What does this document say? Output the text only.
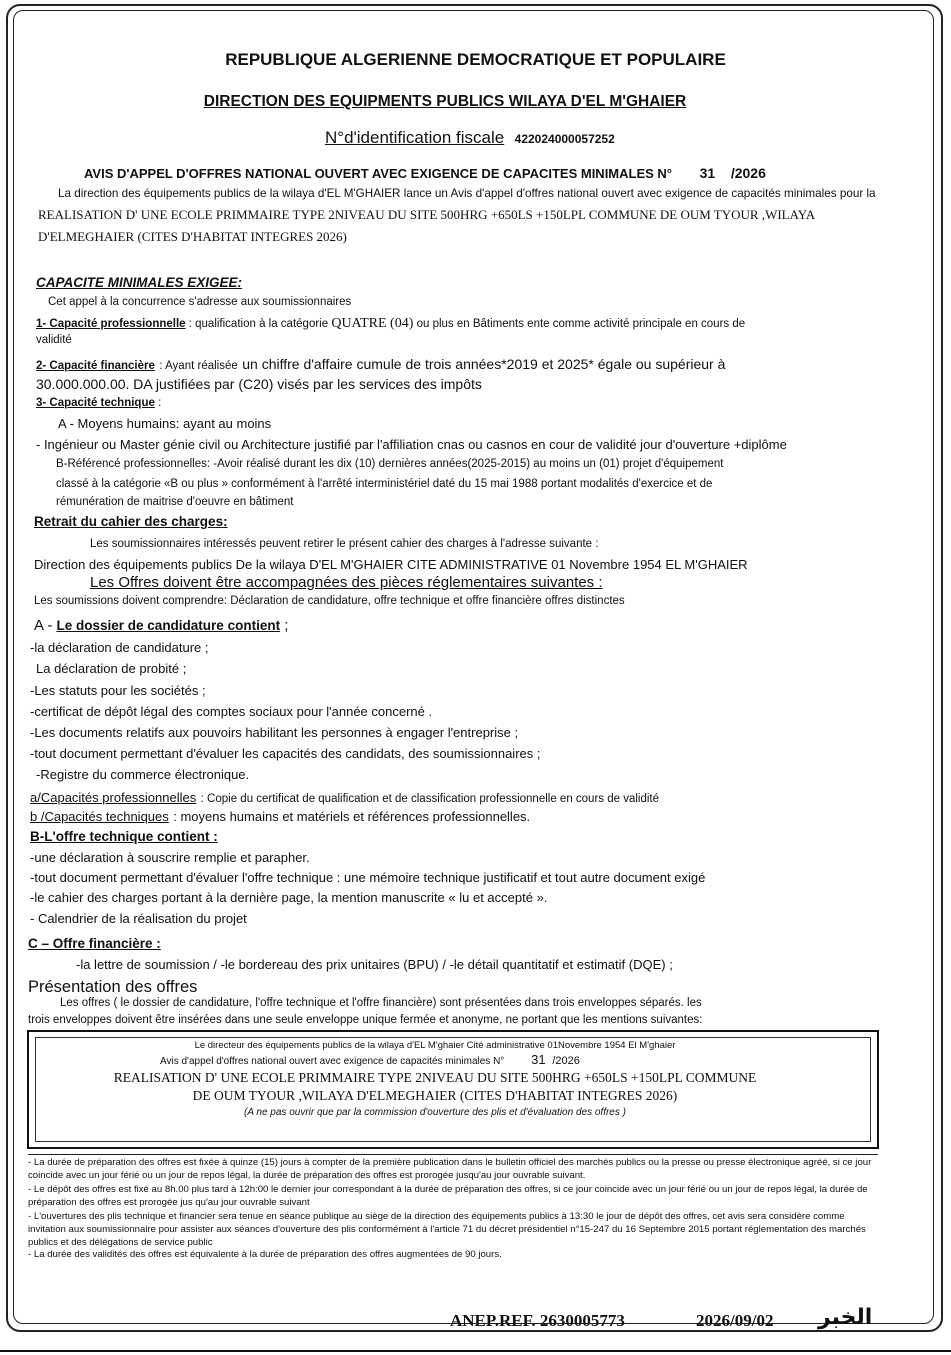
REPUBLIQUE ALGERIENNE DEMOCRATIQUE ET POPULAIRE
DIRECTION DES EQUIPMENTS PUBLICS WILAYA D'EL M'GHAIER
N°d'identification fiscale 422024000057252
AVIS D'APPEL D'OFFRES NATIONAL OUVERT AVEC EXIGENCE DE CAPACITES MINIMALES N° 31 /2026
La direction des équipements publics de la wilaya d'EL M'GHAIER lance un Avis d'appel d'offres national ouvert avec exigence de capacités minimales pour la REALISATION D' UNE ECOLE PRIMMAIRE TYPE 2NIVEAU DU SITE 500HRG +650LS +150LPL COMMUNE DE OUM TYOUR ,WILAYA D'ELMEGHAIER (CITES D'HABITAT INTEGRES 2026)
CAPACITE MINIMALES EXIGEE:
Cet appel à la concurrence s'adresse aux soumissionnaires
1- Capacité professionnelle : qualification à la catégorie QUATRE (04) ou plus en Bâtiments ente comme activité principale en cours de
validité
2- Capacité financière : Ayant réalisée un chiffre d'affaire cumule de trois années*2019 et 2025* égale ou supérieur à
30.000.000.00. DA justifiées par (C20) visés par les services des impôts
3- Capacité technique :
A - Moyens humains: ayant au moins
- Ingénieur ou Master génie civil ou Architecture justifié par l'affiliation cnas ou casnos en cour de validité jour d'ouverture +diplôme
B-Référencé professionnelles: -Avoir réalisé durant les dix (10) dernières années(2025-2015) au moins un (01) projet d'équipement
classé à la catégorie «B ou plus » conformément à l'arrêté interministériel daté du 15 mai 1988 portant modalités d'exercice et de
rémunération de maitrise d'oeuvre en bâtiment
Retrait du cahier des charges:
Les soumissionnaires intéressés peuvent retirer le présent cahier des charges à l'adresse suivante :
Direction des équipements publics De la wilaya D'EL M'GHAIER CITE ADMINISTRATIVE 01 Novembre 1954 EL M'GHAIER
Les Offres doivent être accompagnées des pièces réglementaires suivantes :
Les soumissions doivent comprendre: Déclaration de candidature, offre technique et offre financière offres distinctes
A - Le dossier de candidature contient ;
-la déclaration de candidature ;
La déclaration de probité ;
-Les statuts pour les sociétés ;
-certificat de dépôt légal des comptes sociaux pour l'année concerné .
-Les documents relatifs aux pouvoirs habilitant les personnes à engager l'entreprise ;
-tout document permettant d'évaluer les capacités des candidats, des soumissionnaires ;
-Registre du commerce électronique.
a/Capacités professionnelles : Copie du certificat de qualification et de classification professionnelle en cours de validité
b /Capacités techniques : moyens humains et matériels et références professionnelles.
B-L'offre technique contient :
-une déclaration à souscrire remplie et parapher.
-tout document permettant d'évaluer l'offre technique : une mémoire technique justificatif et tout autre document exigé
-le cahier des charges portant à la dernière page, la mention manuscrite « lu et accepté ».
- Calendrier de la réalisation du projet
C – Offre financière :
-la lettre de soumission / -le bordereau des prix unitaires (BPU) / -le détail quantitatif et estimatif (DQE) ;
Présentation des offres
Les offres ( le dossier de candidature, l'offre technique et l'offre financière) sont présentées dans trois enveloppes séparés. les
trois enveloppes doivent être insérées dans une seule enveloppe unique fermée et anonyme, ne portant que les mentions suivantes:
Le directeur des équipements publics de la wilaya d'EL M'ghaier Cité administrative 01Novembre 1954 El M'ghaier
Avis d'appel d'offres national ouvert avec exigence de capacités minimales N° 31 /2026
REALISATION D' UNE ECOLE PRIMMAIRE TYPE 2NIVEAU DU SITE 500HRG +650LS +150LPL COMMUNE
DE OUM TYOUR ,WILAYA D'ELMEGHAIER (CITES D'HABITAT INTEGRES 2026)
(A ne pas ouvrir que par la commission d'ouverture des plis et d'évaluation des offres )
- La durée de préparation des offres est fixée à quinze (15) jours à compter de la première publication dans le bulletin officiel des marchés publics ou la presse ou presse électronique agréé, si ce jour coincide avec un jour férié ou un jour de repos légal, la durée de préparation des offres est prorogée jusqu'au jour ouvrable suivant.
- Le dépôt des offres est fixé au 8h.00 plus tard à 12h:00 le dernier jour correspondant à la durée de préparation des offres, si ce jour coincide avec un jour férié ou un jour de repos légal, la durée de préparation des offres est prorogée jus qu'au jour ouvrable suivant
- L'ouvertures des plis technique et financier sera tenue en séance publique au siège de la direction des équipements publics à 13:30 le jour de dépôt des offres, cet avis sera considère comme invitation aux soumissionnaire pour assister aux séances d'ouverture des plis conformément à l'article 71 du décret présidentiel n°15-247 du 16 Septembre 2015 portant réglementation des marchés publics et des délégations de service public
- La durée des validités des offres est équivalente à la durée de préparation des offres augmentées de 90 jours.
ANEP.REF. 2630005773	2026/09/02 الخبر
